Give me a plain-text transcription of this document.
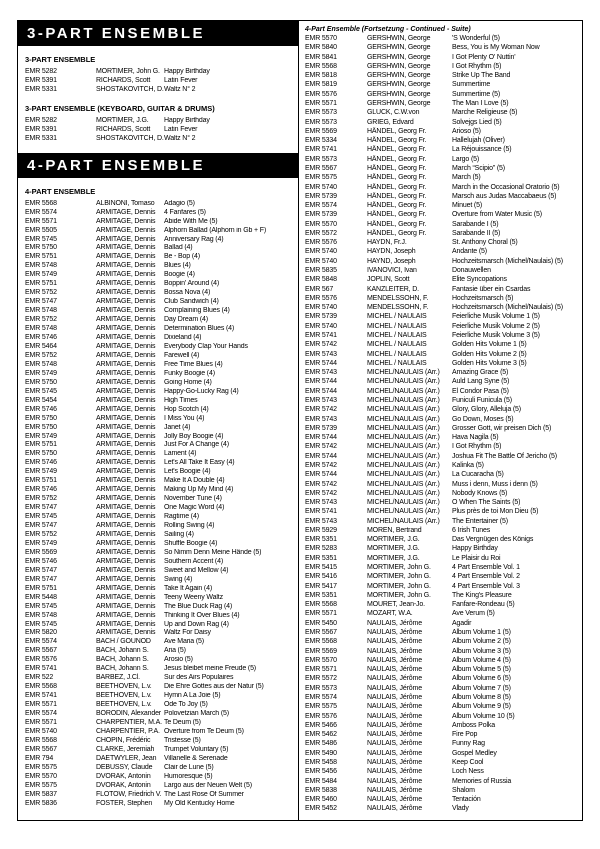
3-PART ENSEMBLE
3-PART ENSEMBLE
EMR 5282	MORTIMER, John G. Happy Birthday
EMR 5391	RICHARDS, Scott	Latin Fever
EMR 5331	SHOSTAKOVITCH, D. Waltz N° 2
3-PART ENSEMBLE (KEYBOARD, GUITAR & DRUMS)
EMR 5282	MORTIMER, J.G.	Happy Birthday
EMR 5391	RICHARDS, Scott	Latin Fever
EMR 5331	SHOSTAKOVITCH, D. Waltz N° 2
4-PART ENSEMBLE
4-PART ENSEMBLE
EMR 5568	ALBINONI, Tomaso	Adagio (5)
EMR 5574	ARMITAGE, Dennis	4 Fanfares (5)
EMR 5571	ARMITAGE, Dennis	Abide With Me (5)
EMR 5505	ARMITAGE, Dennis	Alphorn Ballad (Alphorn in Gb + F)
EMR 5745	ARMITAGE, Dennis	Anniversary Rag (4)
EMR 5750	ARMITAGE, Dennis	Ballad (4)
EMR 5751	ARMITAGE, Dennis	Be - Bop (4)
EMR 5748	ARMITAGE, Dennis	Blues (4)
EMR 5749	ARMITAGE, Dennis	Boogie (4)
EMR 5751	ARMITAGE, Dennis	Boppin' Around (4)
EMR 5752	ARMITAGE, Dennis	Bossa Nova (4)
EMR 5747	ARMITAGE, Dennis	Club Sandwich (4)
EMR 5748	ARMITAGE, Dennis	Complaining Blues (4)
EMR 5752	ARMITAGE, Dennis	Day Dream (4)
EMR 5748	ARMITAGE, Dennis	Determination Blues (4)
EMR 5746	ARMITAGE, Dennis	Dixieland (4)
EMR 5464	ARMITAGE, Dennis	Everybody Clap Your Hands
EMR 5752	ARMITAGE, Dennis	Farewell (4)
EMR 5748	ARMITAGE, Dennis	Free Time Blues (4)
EMR 5749	ARMITAGE, Dennis	Funky Boogie (4)
EMR 5750	ARMITAGE, Dennis	Going Home (4)
EMR 5745	ARMITAGE, Dennis	Happy-Go-Lucky Rag (4)
EMR 5454	ARMITAGE, Dennis	High Times
EMR 5746	ARMITAGE, Dennis	Hop Scotch (4)
EMR 5750	ARMITAGE, Dennis	I Miss You (4)
EMR 5750	ARMITAGE, Dennis	Janet (4)
EMR 5749	ARMITAGE, Dennis	Jolly Boy Boogie (4)
EMR 5751	ARMITAGE, Dennis	Just For A Change (4)
EMR 5750	ARMITAGE, Dennis	Lament (4)
EMR 5746	ARMITAGE, Dennis	Let's All Take It Easy (4)
EMR 5749	ARMITAGE, Dennis	Let's Boogie (4)
EMR 5751	ARMITAGE, Dennis	Make It A Double (4)
EMR 5746	ARMITAGE, Dennis	Making Up My Mind (4)
EMR 5752	ARMITAGE, Dennis	November Tune (4)
EMR 5747	ARMITAGE, Dennis	One Magic Word (4)
EMR 5745	ARMITAGE, Dennis	Ragtime (4)
EMR 5747	ARMITAGE, Dennis	Rolling Swing (4)
EMR 5752	ARMITAGE, Dennis	Sailing (4)
EMR 5749	ARMITAGE, Dennis	Shuffle Boogie (4)
EMR 5569	ARMITAGE, Dennis	So Nimm Denn Meine Hände (5)
EMR 5746	ARMITAGE, Dennis	Southern Accent (4)
EMR 5747	ARMITAGE, Dennis	Sweet and Mellow (4)
EMR 5747	ARMITAGE, Dennis	Swing (4)
EMR 5751	ARMITAGE, Dennis	Take It Again (4)
EMR 5448	ARMITAGE, Dennis	Teeny Weeny Waltz
EMR 5745	ARMITAGE, Dennis	The Blue Duck Rag (4)
EMR 5748	ARMITAGE, Dennis	Thinking It Over Blues (4)
EMR 5745	ARMITAGE, Dennis	Up and Down Rag (4)
EMR 5820	ARMITAGE, Dennis	Waltz For Daisy
EMR 5574	BACH / GOUNOD	Ave Maria (5)
EMR 5567	BACH, Johann S.	Aria (5)
EMR 5576	BACH, Johann S.	Arosio (5)
EMR 5741	BACH, Johann S.	Jesus bleibet meine Freude (5)
EMR 522	BARBEZ, J.Cl.	Sur des Airs Populaires
EMR 5568	BEETHOVEN, L.v.	Die Ehre Gottes aus der Natur (5)
EMR 5741	BEETHOVEN, L.v.	Hymn A La Joie (5)
EMR 5571	BEETHOVEN, L.v.	Ode To Joy (5)
EMR 5574	BORODIN, Alexander Polovetzian March (5)
EMR 5571	CHARPENTIER, M.A. Te Deum (5)
EMR 5740	CHARPENTIER, P.A. Overture from Te Deum (5)
EMR 5568	CHOPIN, Frédéric	Tristesse (5)
EMR 5567	CLARKE, Jeremiah	Trumpet Voluntary (5)
EMR 794	DAETWYLER, Jean	Villanelle & Serenade
EMR 5575	DEBUSSY, Claude	Clair de Lune (5)
EMR 5570	DVORAK, Antonin	Humoresque (5)
EMR 5575	DVORAK, Antonin	Largo aus der Neuen Welt (5)
EMR 5837	FLOTOW, Friedrich V. The Last Rose Of Summer
EMR 5836	FOSTER, Stephen	My Old Kentucky Home
4-Part Ensemble (Fortsetzung - Continued - Suite)
EMR 5570	GERSHWIN, George	'S Wonderful (5)
EMR 5840	GERSHWIN, George	Bess, You is My Woman Now
EMR 5841	GERSHWIN, George	I Got Plenty O' Nuttin'
EMR 5568	GERSHWIN, George	I Got Rhythm (5)
EMR 5818	GERSHWIN, George	Strike Up The Band
EMR 5819	GERSHWIN, George	Summertime
EMR 5576	GERSHWIN, George	Summertime (5)
EMR 5571	GERSHWIN, George	The Man I Love (5)
EMR 5573	GLUCK, C.W.von	Marche Religieuse (5)
EMR 5573	GRIEG, Edvard	Solvejgs Lied (5)
EMR 5569	HÄNDEL, Georg Fr.	Arioso (5)
EMR 5334	HÄNDEL, Georg Fr.	Hallelujah (Oliver)
EMR 5741	HÄNDEL, Georg Fr.	La Réjouissance (5)
EMR 5573	HÄNDEL, Georg Fr.	Largo (5)
EMR 5567	HÄNDEL, Georg Fr.	March “Scipio” (5)
EMR 5575	HÄNDEL, Georg Fr.	March (5)
EMR 5740	HÄNDEL, Georg Fr.	March in the Occasional Oratorio (5)
EMR 5739	HÄNDEL, Georg Fr.	Marsch aus Judas Maccabaeus (5)
EMR 5574	HÄNDEL, Georg Fr.	Minuet (5)
EMR 5739	HÄNDEL, Georg Fr.	Overture from Water Music (5)
EMR 5570	HÄNDEL, Georg Fr.	Sarabande I (5)
EMR 5572	HÄNDEL, Georg Fr.	Sarabande II (5)
EMR 5576	HAYDN, Fr.J.	St. Anthony Choral (5)
EMR 5740	HAYDN, Joseph	Andante (5)
EMR 5740	HAYND, Joseph	Hochzeitsmarsch (Michel/Naulais) (5)
EMR 5835	IVANOVICI, Ivan	Donauwellen
EMR 5848	JOPLIN, Scott	Elite Syncopations
EMR 567	KANZLEITER, D.	Fantasie über ein Csardas
EMR 5576	MENDELSSOHN, F.	Hochzeitsmarsch (5)
EMR 5740	MENDELSSOHN, F.	Hochzeitsmarsch (Michel/Naulais) (5)
EMR 5739	MICHEL / NAULAIS	Feierliche Musik Volume 1 (5)
EMR 5740	MICHEL / NAULAIS	Feierliche Musik Volume 2 (5)
EMR 5741	MICHEL / NAULAIS	Feierliche Musik Volume 3 (5)
EMR 5742	MICHEL / NAULAIS	Golden Hits Volume 1 (5)
EMR 5743	MICHEL / NAULAIS	Golden Hits Volume 2 (5)
EMR 5744	MICHEL / NAULAIS	Golden Hits Volume 3 (5)
EMR 5743	MICHEL/NAULAIS (Arr.)	Amazing Grace (5)
EMR 5744	MICHEL/NAULAIS (Arr.)	Auld Lang Syne (5)
EMR 5744	MICHEL/NAULAIS (Arr.)	El Condor Pasa (5)
EMR 5743	MICHEL/NAULAIS (Arr.)	Funiculi Funicula (5)
EMR 5742	MICHEL/NAULAIS (Arr.)	Glory, Glory, Alleluja (5)
EMR 5743	MICHEL/NAULAIS (Arr.)	Go Down, Moses (5)
EMR 5739	MICHEL/NAULAIS (Arr.)	Grosser Gott, wir preisen Dich (5)
EMR 5744	MICHEL/NAULAIS (Arr.)	Hava Nagila (5)
EMR 5742	MICHEL/NAULAIS (Arr.)	I Got Rhythm (5)
EMR 5744	MICHEL/NAULAIS (Arr.)	Joshua Fit The Battle Of Jericho (5)
EMR 5742	MICHEL/NAULAIS (Arr.)	Kalinka (5)
EMR 5744	MICHEL/NAULAIS (Arr.)	La Cucaracha (5)
EMR 5742	MICHEL/NAULAIS (Arr.)	Muss i denn, Muss i denn (5)
EMR 5742	MICHEL/NAULAIS (Arr.)	Nobody Knows (5)
EMR 5743	MICHEL/NAULAIS (Arr.)	O When The Saints (5)
EMR 5741	MICHEL/NAULAIS (Arr.)	Plus près de toi Mon Dieu (5)
EMR 5743	MICHEL/NAULAIS (Arr.)	The Entertainer (5)
EMR 5929	MOREN, Bertrand	6 Irish Tunes
EMR 5351	MORTIMER, J.G.	Das Vergnügen des Königs
EMR 5283	MORTIMER, J.G.	Happy Birthday
EMR 5351	MORTIMER, J.G.	Le Plaisir du Roi
EMR 5415	MORTIMER, John G.	4 Part Ensemble Vol. 1
EMR 5416	MORTIMER, John G.	4 Part Ensemble Vol. 2
EMR 5417	MORTIMER, John G.	4 Part Ensemble Vol. 3
EMR 5351	MORTIMER, John G.	The King's Pleasure
EMR 5568	MOURET, Jean-Jo.	Fanfare-Rondeau (5)
EMR 5571	MOZART, W.A.	Ave Verum (5)
EMR 5450	NAULAIS, Jérôme	Agadir
EMR 5567	NAULAIS, Jérôme	Album Volume 1 (5)
EMR 5568	NAULAIS, Jérôme	Album Volume 2 (5)
EMR 5569	NAULAIS, Jérôme	Album Volume 3 (5)
EMR 5570	NAULAIS, Jérôme	Album Volume 4 (5)
EMR 5571	NAULAIS, Jérôme	Album Volume 5 (5)
EMR 5572	NAULAIS, Jérôme	Album Volume 6 (5)
EMR 5573	NAULAIS, Jérôme	Album Volume 7 (5)
EMR 5574	NAULAIS, Jérôme	Album Volume 8 (5)
EMR 5575	NAULAIS, Jérôme	Album Volume 9 (5)
EMR 5576	NAULAIS, Jérôme	Album Volume 10 (5)
EMR 5466	NAULAIS, Jérôme	Amboss Polka
EMR 5462	NAULAIS, Jérôme	Fire Pop
EMR 5486	NAULAIS, Jérôme	Funny Rag
EMR 5490	NAULAIS, Jérôme	Gospel Medley
EMR 5458	NAULAIS, Jérôme	Keep Cool
EMR 5456	NAULAIS, Jérôme	Loch Ness
EMR 5484	NAULAIS, Jérôme	Memories of Russia
EMR 5838	NAULAIS, Jérôme	Shalom
EMR 5460	NAULAIS, Jérôme	Tentación
EMR 5452	NAULAIS, Jérôme	Vlady
